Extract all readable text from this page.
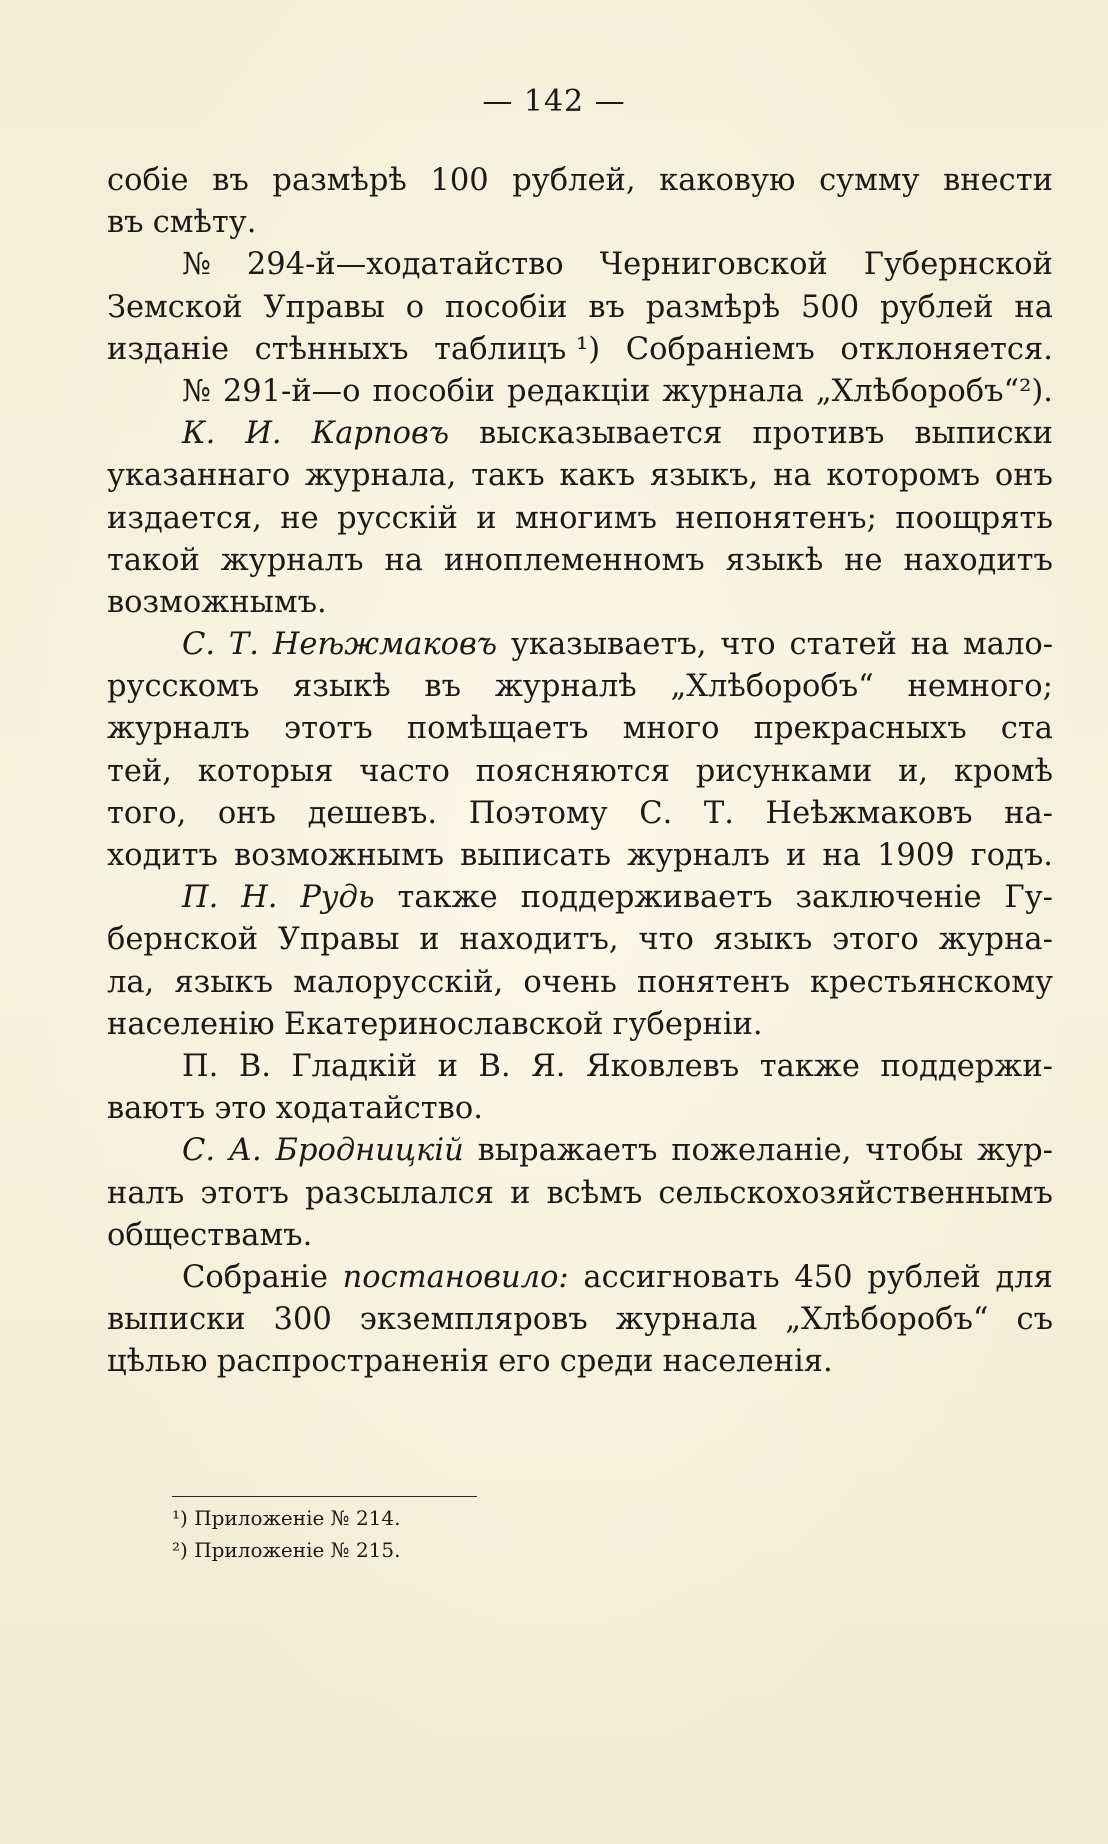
— 142 —
собіе въ размѣрѣ 100 рублей, каковую сумму внести
въ смѣту.
№ 294-й—ходатайство Черниговской Губернской
Земской Управы о пособіи въ размѣрѣ 500 рублей на
изданіе стѣнныхъ таблицъ ¹) Собраніемъ отклоняется.
№ 291-й—о пособіи редакціи журнала „Хлѣборобъ“²).
К. И. Карповъ высказывается противъ выписки
указаннаго журнала, такъ какъ языкъ, на которомъ онъ
издается, не русскій и многимъ непонятенъ; поощрять
такой журналъ на иноплеменномъ языкѣ не находитъ
возможнымъ.
С. Т. Неѣжмаковъ указываетъ, что статей на мало-
русскомъ языкѣ въ журналѣ „Хлѣборобъ“ немного;
журналъ этотъ помѣщаетъ много прекрасныхъ ста
тей, которыя часто поясняются рисунками и, кромѣ
того, онъ дешевъ. Поэтому С. Т. Неѣжмаковъ на-
ходитъ возможнымъ выписать журналъ и на 1909 годъ.
П. Н. Рудь также поддерживаетъ заключеніе Гу-
бернской Управы и находитъ, что языкъ этого журна-
ла, языкъ малорусскій, очень понятенъ крестьянскому
населенію Екатеринославской губерніи.
П. В. Гладкій и В. Я. Яковлевъ также поддержи-
ваютъ это ходатайство.
С. А. Бродницкій выражаетъ пожеланіе, чтобы жур-
налъ этотъ разсылался и всѣмъ сельскохозяйственнымъ
обществамъ.
Собраніе постановило: ассигновать 450 рублей для
выписки 300 экземпляровъ журнала „Хлѣборобъ“ съ
цѣлью распространенія его среди населенія.
¹) Приложеніе № 214.
²) Приложеніе № 215.
